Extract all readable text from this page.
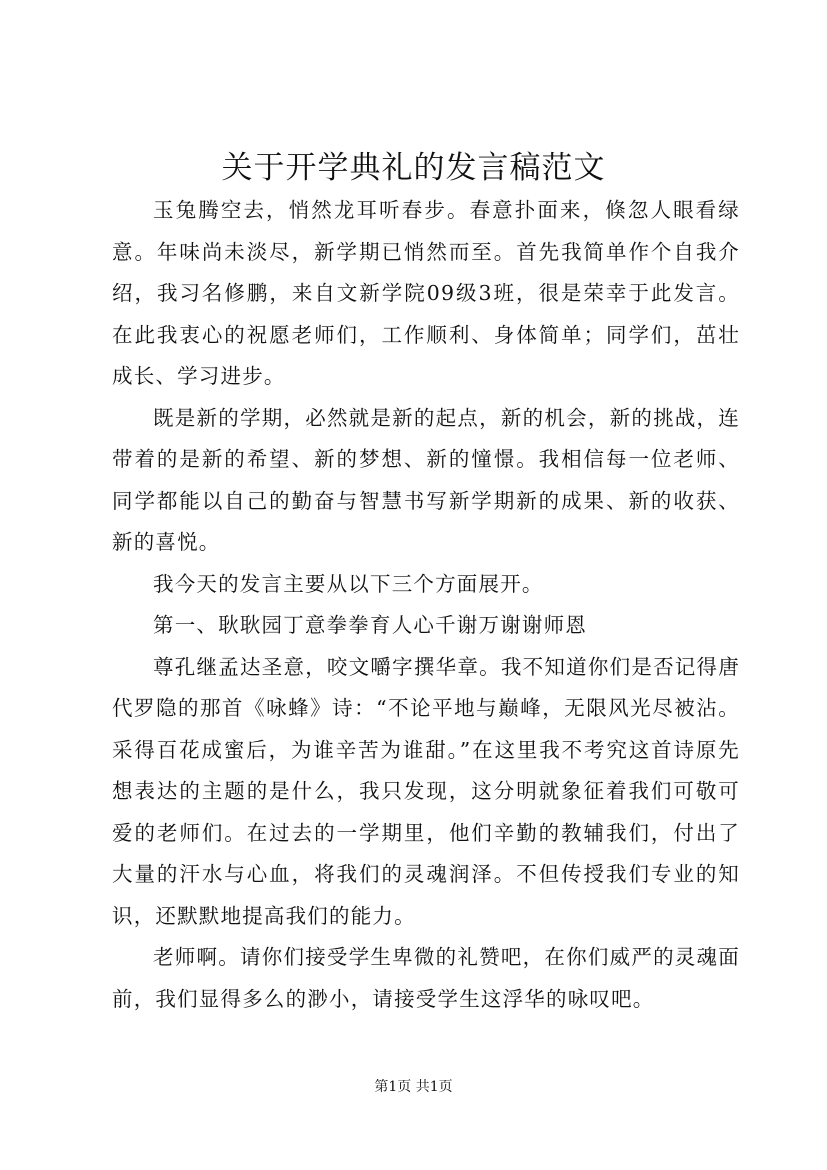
关于开学典礼的发言稿范文

玉兔腾空去，悄然龙耳听春步。春意扑面来，倏忽人眼看绿意。年味尚未淡尽，新学期已悄然而至。首先我简单作个自我介绍，我习名修鹏，来自文新学院09级3班，很是荣幸于此发言。在此我衷心的祝愿老师们，工作顺利、身体简单；同学们，茁壮成长、学习进步。

既是新的学期，必然就是新的起点，新的机会，新的挑战，连带着的是新的希望、新的梦想、新的憧憬。我相信每一位老师、同学都能以自己的勤奋与智慧书写新学期新的成果、新的收获、新的喜悦。

我今天的发言主要从以下三个方面展开。

第一、耿耿园丁意拳拳育人心千谢万谢谢师恩

尊孔继孟达圣意，咬文嚼字撰华章。我不知道你们是否记得唐代罗隐的那首《咏蜂》诗：“不论平地与巅峰，无限风光尽被沾。采得百花成蜜后，为谁辛苦为谁甜。”在这里我不考究这首诗原先想表达的主题的是什么，我只发现，这分明就象征着我们可敬可爱的老师们。在过去的一学期里，他们辛勤的教辅我们，付出了大量的汗水与心血，将我们的灵魂润泽。不但传授我们专业的知识，还默默地提高我们的能力。

老师啊。请你们接受学生卑微的礼赞吧，在你们威严的灵魂面前，我们显得多么的渺小，请接受学生这浮华的咏叹吧。

第1页 共1页
